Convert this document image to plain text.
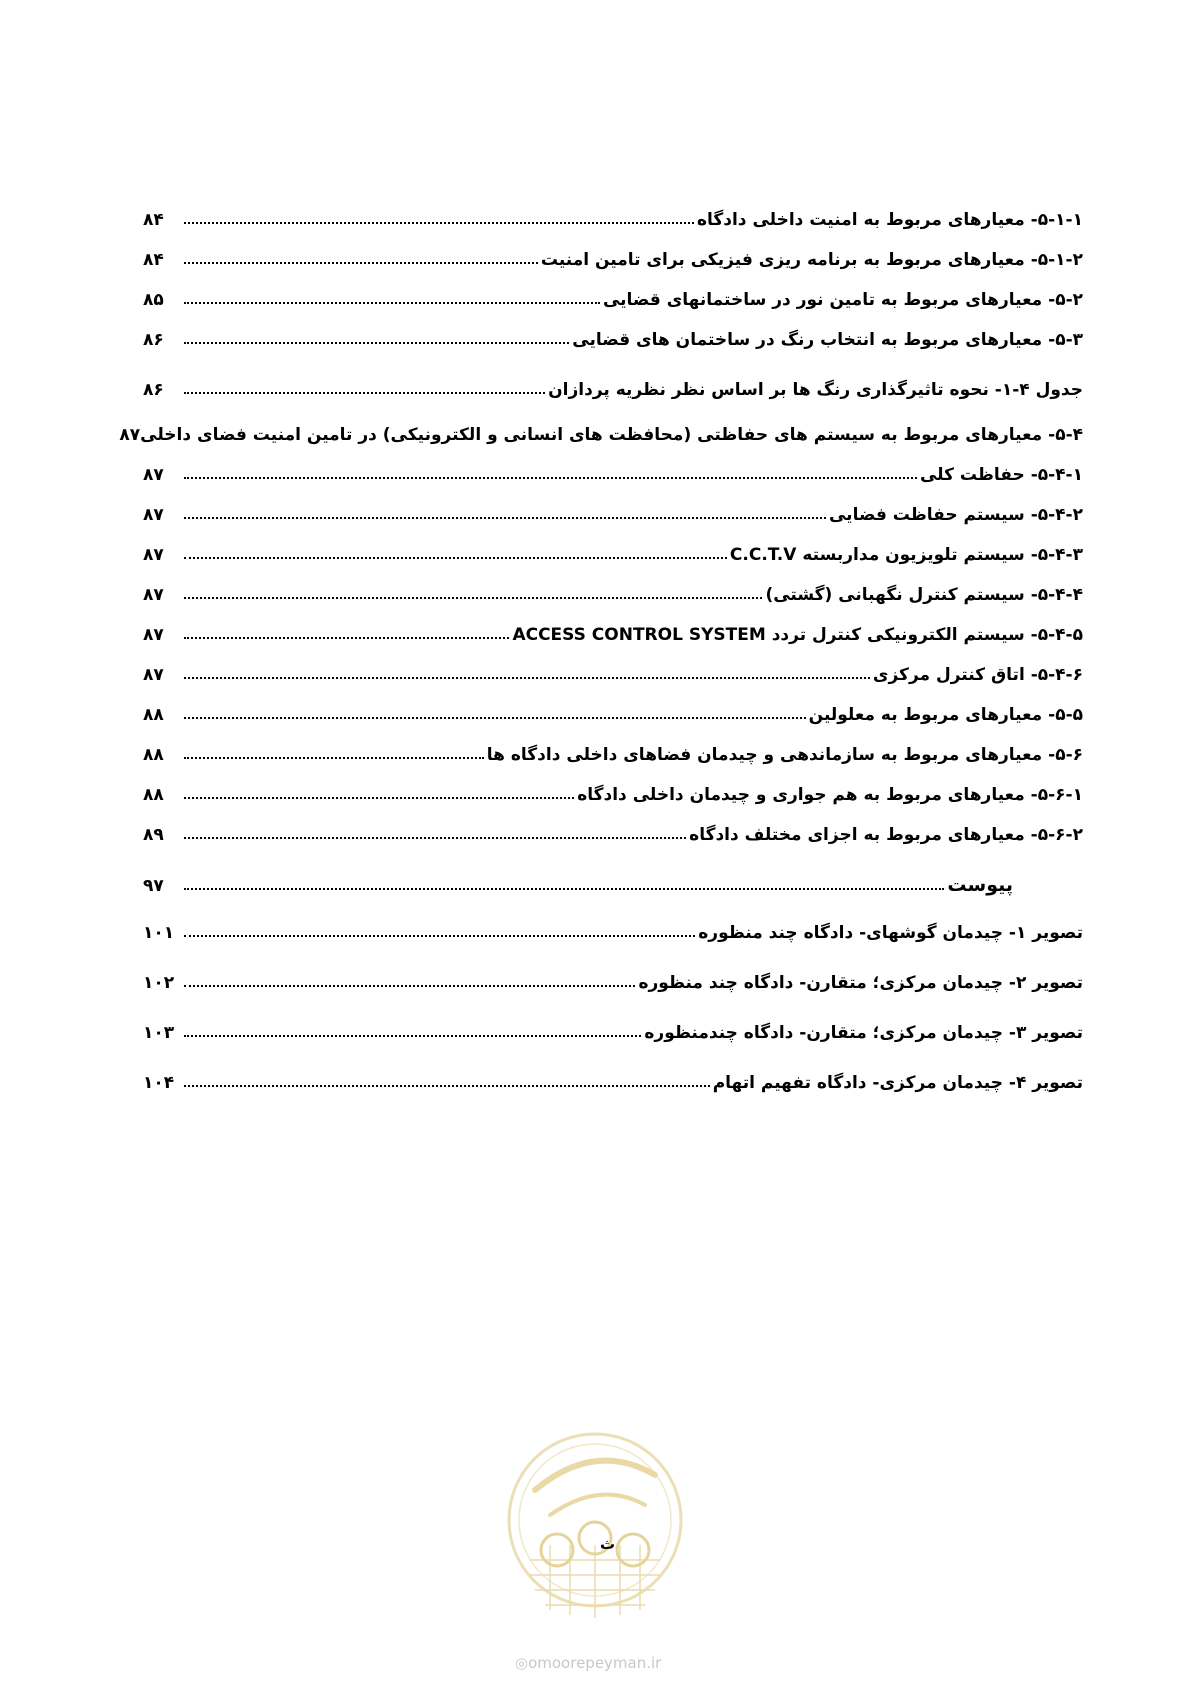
۵-۱-۱- معیارهای مربوط به امنیت داخلی دادگاه
۸۴
۵-۱-۲- معیارهای مربوط به برنامه ریزی فیزیکی برای تامین امنیت
۸۴
۵-۲- معیارهای مربوط به تامین نور در ساختمانهای قضایی
۸۵
۵-۳- معیارهای مربوط به انتخاب رنگ در ساختمان های قضایی
۸۶
جدول ۴-۱- نحوه تاثیرگذاری رنگ ها بر اساس نظر نظریه پردازان
۸۶
۵-۴- معیارهای مربوط به سیستم های حفاظتی (محافظت های انسانی و الکترونیکی) در تامین امنیت فضای داخلی
۸۷
۵-۴-۱- حفاظت کلی
۸۷
۵-۴-۲- سیستم حفاظت فضایی
۸۷
۵-۴-۳- سیستم تلویزیون مداربسته C.C.T.V
۸۷
۵-۴-۴- سیستم کنترل نگهبانی (گشتی)
۸۷
۵-۴-۵- سیستم الکترونیکی کنترل تردد ACCESS CONTROL SYSTEM
۸۷
۵-۴-۶- اتاق کنترل مرکزی
۸۷
۵-۵- معیارهای مربوط به معلولین
۸۸
۵-۶- معیارهای مربوط به سازماندهی و چیدمان فضاهای داخلی دادگاه ها
۸۸
۵-۶-۱- معیارهای مربوط به هم جواری و چیدمان داخلی دادگاه
۸۸
۵-۶-۲- معیارهای مربوط به اجزای مختلف دادگاه
۸۹
پیوست
۹۷
تصویر ۱- چیدمان گوشهای- دادگاه چند منظوره
۱۰۱
تصویر ۲- چیدمان مرکزی؛ متقارن- دادگاه چند منظوره
۱۰۲
تصویر ۳- چیدمان مرکزی؛ متقارن- دادگاه چندمنظوره
۱۰۳
تصویر ۴- چیدمان مرکزی- دادگاه تفهیم اتهام
۱۰۴
ث
◎omoorepeyman.ir
